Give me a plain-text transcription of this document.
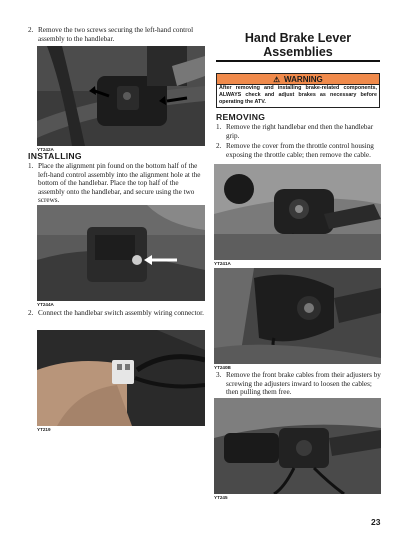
2. Remove the two screws securing the left-hand control assembly to the handlebar.
YT242A
INSTALLING
1. Place the alignment pin found on the bottom half of the left-hand control assembly into the alignment hole at the bottom of the handlebar. Place the top half of the assembly onto the handlebar, and secure using the two screws.
YT244A
2. Connect the handlebar switch assembly wiring connector.
YT219
Hand Brake Lever Assemblies
⚠ WARNING
After removing and installing brake-related components, ALWAYS check and adjust brakes as necessary before operating the ATV.
REMOVING
1. Remove the right handlebar end then the handlebar grip.
2. Remove the cover from the throttle control housing exposing the throttle cable; then remove the cable.
YT241A
YT240B
3. Remove the front brake cables from their adjusters by screwing the adjusters inward to loosen the cables; then pulling them free.
YT245
23
